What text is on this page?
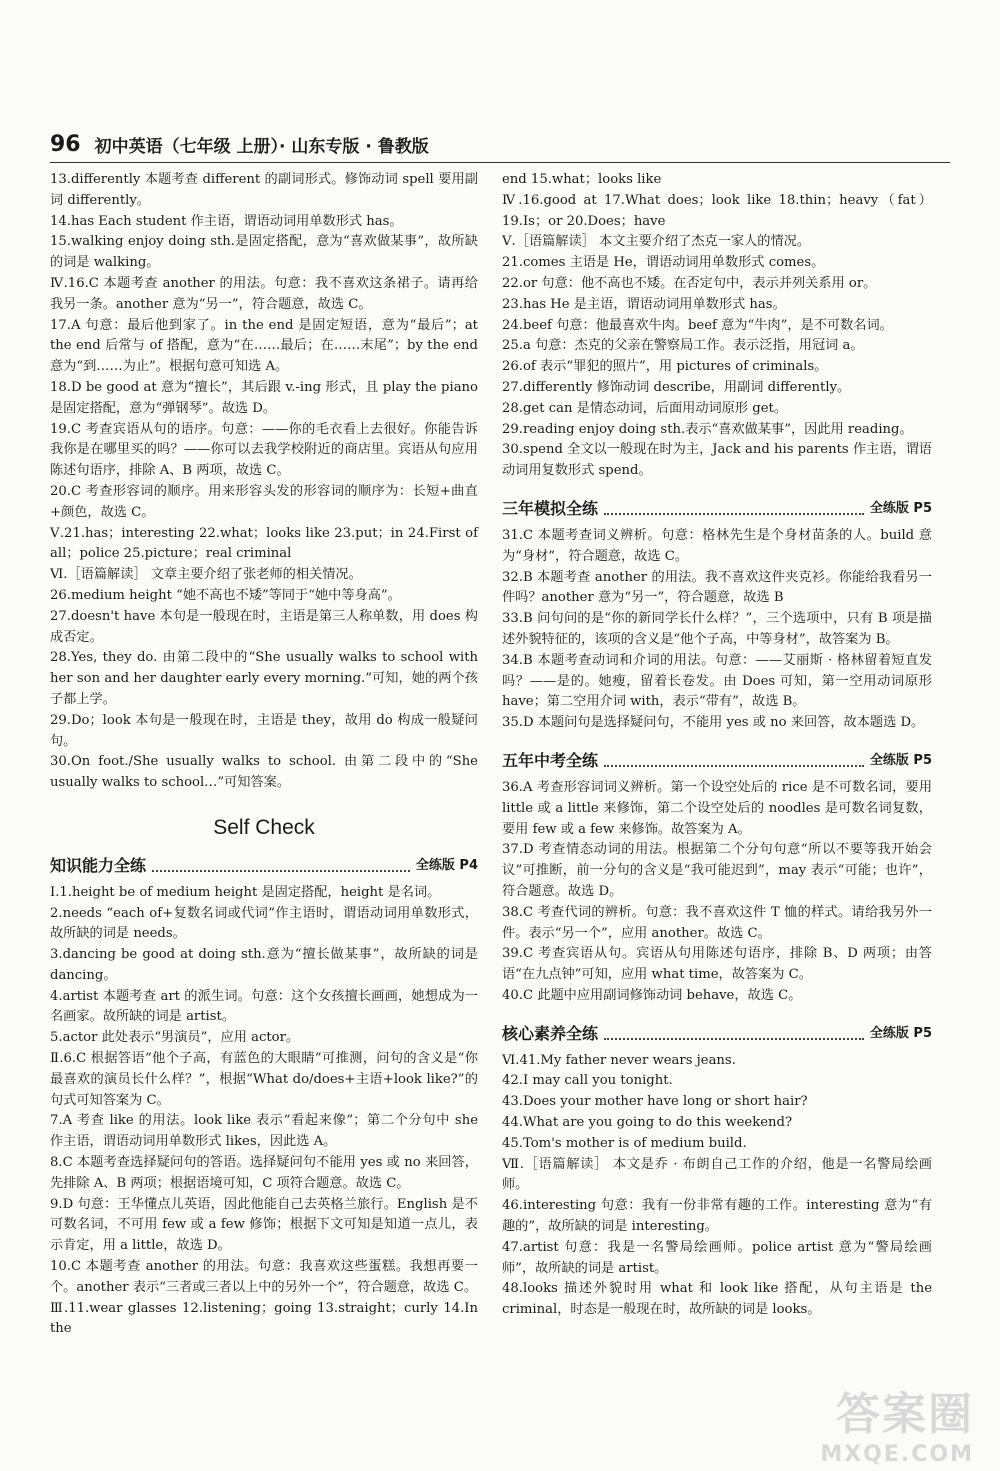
96 初中英语（七年级 上册）· 山东专版 · 鲁教版

13.differently 本题考查 different 的副词形式。修饰动词 spell 要用副词 differently。

14.has Each student 作主语，谓语动词用单数形式 has。

15.walking enjoy doing sth.是固定搭配，意为“喜欢做某事”，故所缺的词是 walking。

Ⅳ.16.C 本题考查 another 的用法。句意：我不喜欢这条裙子。请再给我另一条。another 意为“另一”，符合题意，故选 C。

17.A 句意：最后他到家了。in the end 是固定短语，意为“最后”；at the end 后常与 of 搭配，意为“在……最后；在……末尾”；by the end 意为“到……为止”。根据句意可知选 A。

18.D be good at 意为“擅长”，其后跟 v.-ing 形式，且 play the piano 是固定搭配，意为“弹钢琴”。故选 D。

19.C 考查宾语从句的语序。句意：——你的毛衣看上去很好。你能告诉我你是在哪里买的吗？——你可以去我学校附近的商店里。宾语从句应用陈述句语序，排除 A、B 两项，故选 C。

20.C 考查形容词的顺序。用来形容头发的形容词的顺序为：长短+曲直+颜色，故选 C。

Ⅴ.21.has；interesting 22.what；looks like 23.put；in 24.First of all；police 25.picture；real criminal

Ⅵ.［语篇解读］ 文章主要介绍了张老师的相关情况。

26.medium height “她不高也不矮”等同于“她中等身高”。

27.doesn't have 本句是一般现在时，主语是第三人称单数，用 does 构成否定。

28.Yes, they do. 由第二段中的“She usually walks to school with her son and her daughter early every morning.”可知，她的两个孩子都上学。

29.Do；look 本句是一般现在时，主语是 they，故用 do 构成一般疑问句。

30.On foot./She usually walks to school. 由第二段中的“She usually walks to school…”可知答案。

Self Check
知识能力全练	全练版 P4

Ⅰ.1.height be of medium height 是固定搭配，height 是名词。

2.needs “each of+复数名词或代词”作主语时，谓语动词用单数形式，故所缺的词是 needs。

3.dancing be good at doing sth.意为“擅长做某事”，故所缺的词是 dancing。

4.artist 本题考查 art 的派生词。句意：这个女孩擅长画画，她想成为一名画家。故所缺的词是 artist。

5.actor 此处表示“男演员”，应用 actor。

Ⅱ.6.C 根据答语“他个子高，有蓝色的大眼睛”可推测，问句的含义是“你最喜欢的演员长什么样？”，根据“What do/does+主语+look like?”的句式可知答案为 C。

7.A 考查 like 的用法。look like 表示“看起来像”；第二个分句中 she 作主语，谓语动词用单数形式 likes，因此选 A。

8.C 本题考查选择疑问句的答语。选择疑问句不能用 yes 或 no 来回答，先排除 A、B 两项；根据语境可知，C 项符合题意。故选 C。

9.D 句意：王华懂点儿英语，因此他能自己去英格兰旅行。English 是不可数名词，不可用 few 或 a few 修饰；根据下文可知是知道一点儿，表示肯定，用 a little，故选 D。

10.C 本题考查 another 的用法。句意：我喜欢这些蛋糕。我想再要一个。another 表示“三者或三者以上中的另外一个”，符合题意，故选 C。

Ⅲ.11.wear glasses 12.listening；going 13.straight；curly 14.In the

end 15.what；looks like

Ⅳ.16.good at 17.What does；look like 18.thin；heavy（fat） 19.Is；or 20.Does；have

Ⅴ.［语篇解读］ 本文主要介绍了杰克一家人的情况。

21.comes 主语是 He，谓语动词用单数形式 comes。

22.or 句意：他不高也不矮。在否定句中，表示并列关系用 or。

23.has He 是主语，谓语动词用单数形式 has。

24.beef 句意：他最喜欢牛肉。beef 意为“牛肉”，是不可数名词。

25.a 句意：杰克的父亲在警察局工作。表示泛指，用冠词 a。

26.of 表示“罪犯的照片”，用 pictures of criminals。

27.differently 修饰动词 describe，用副词 differently。

28.get can 是情态动词，后面用动词原形 get。

29.reading enjoy doing sth.表示“喜欢做某事”，因此用 reading。

30.spend 全文以一般现在时为主，Jack and his parents 作主语，谓语动词用复数形式 spend。

三年模拟全练	全练版 P5

31.C 本题考查词义辨析。句意：格林先生是个身材苗条的人。build 意为“身材”，符合题意，故选 C。

32.B 本题考查 another 的用法。我不喜欢这件夹克衫。你能给我看另一件吗？another 意为“另一”，符合题意，故选 B

33.B 问句问的是“你的新同学长什么样？”，三个选项中，只有 B 项是描述外貌特征的，该项的含义是“他个子高，中等身材”，故答案为 B。

34.B 本题考查动词和介词的用法。句意：——艾丽斯 · 格林留着短直发吗？——是的。她瘦，留着长卷发。由 Does 可知，第一空用动词原形 have；第二空用介词 with，表示“带有”，故选 B。

35.D 本题问句是选择疑问句，不能用 yes 或 no 来回答，故本题选 D。

五年中考全练	全练版 P5

36.A 考查形容词词义辨析。第一个设空处后的 rice 是不可数名词，要用 little 或 a little 来修饰，第二个设空处后的 noodles 是可数名词复数，要用 few 或 a few 来修饰。故答案为 A。

37.D 考查情态动词的用法。根据第二个分句句意“所以不要等我开始会议”可推断，前一分句的含义是“我可能迟到”，may 表示“可能；也许”，符合题意。故选 D。

38.C 考查代词的辨析。句意：我不喜欢这件 T 恤的样式。请给我另外一件。表示“另一个”，应用 another。故选 C。

39.C 考查宾语从句。宾语从句用陈述句语序，排除 B、D 两项；由答语“在九点钟”可知，应用 what time，故答案为 C。

40.C 此题中应用副词修饰动词 behave，故选 C。

核心素养全练	全练版 P5

Ⅵ.41.My father never wears jeans.

42.I may call you tonight.

43.Does your mother have long or short hair?

44.What are you going to do this weekend?

45.Tom's mother is of medium build.

Ⅶ.［语篇解读］ 本文是乔 · 布朗自己工作的介绍，他是一名警局绘画师。

46.interesting 句意：我有一份非常有趣的工作。interesting 意为“有趣的”，故所缺的词是 interesting。

47.artist 句意：我是一名警局绘画师。police artist 意为“警局绘画师”，故所缺的词是 artist。

48.looks 描述外貌时用 what 和 look like 搭配，从句主语是 the criminal，时态是一般现在时，故所缺的词是 looks。

答案圈
MXQE.COM
